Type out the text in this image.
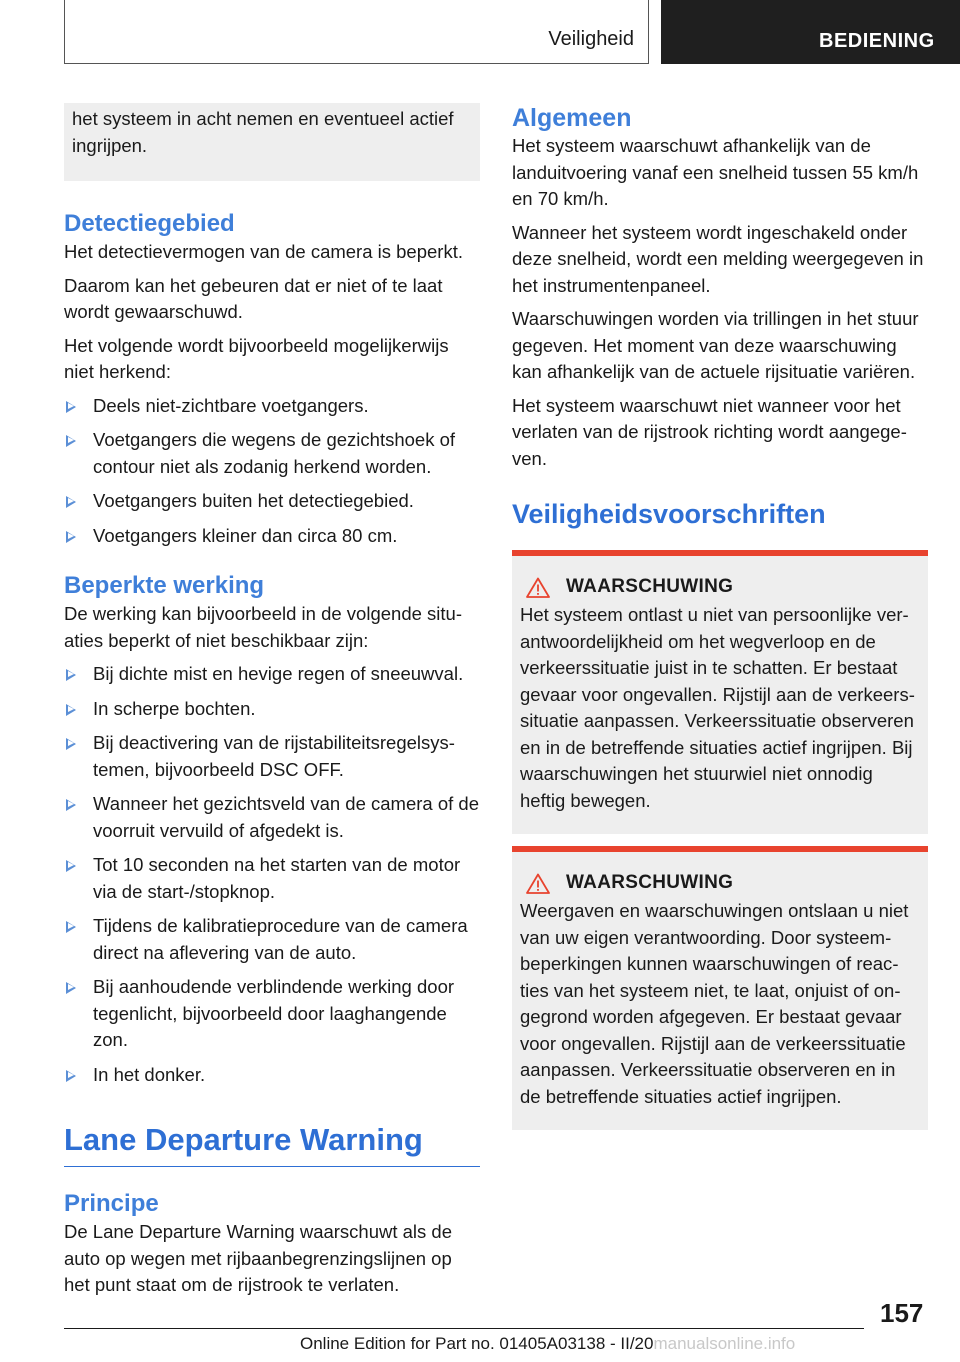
Veiligheid	BEDIENING
het systeem in acht nemen en eventueel actief ingrijpen.
Detectiegebied

Het detectievermogen van de camera is beperkt.

Daarom kan het gebeuren dat er niet of te laat wordt gewaarschuwd.

Het volgende wordt bijvoorbeeld mogelijkerwijs niet herkend:

Deels niet-zichtbare voetgangers.
Voetgangers die wegens de gezichtshoek of contour niet als zodanig herkend worden.
Voetgangers buiten het detectiegebied.
Voetgangers kleiner dan circa 80 cm.
Beperkte werking

De werking kan bijvoorbeeld in de volgende situaties beperkt of niet beschikbaar zijn:

Bij dichte mist en hevige regen of sneeuwval.
In scherpe bochten.
Bij deactivering van de rijstabiliteitsregelsystemen, bijvoorbeeld DSC OFF.
Wanneer het gezichtsveld van de camera of de voorruit vervuild of afgedekt is.
Tot 10 seconden na het starten van de motor via de start-/stopknop.
Tijdens de kalibratieprocedure van de camera direct na aflevering van de auto.
Bij aanhoudende verblindende werking door tegenlicht, bijvoorbeeld door laaghangende zon.
In het donker.
Lane Departure Warning
Principe

De Lane Departure Warning waarschuwt als de auto op wegen met rijbaanbegrenzingslijnen op het punt staat om de rijstrook te verlaten.

Algemeen

Het systeem waarschuwt afhankelijk van de landuitvoering vanaf een snelheid tussen 55 km/h en 70 km/h.

Wanneer het systeem wordt ingeschakeld onder deze snelheid, wordt een melding weergegeven in het instrumentenpaneel.

Waarschuwingen worden via trillingen in het stuur gegeven. Het moment van deze waarschuwing kan afhankelijk van de actuele rijsituatie variëren.

Het systeem waarschuwt niet wanneer voor het verlaten van de rijstrook richting wordt aangegeven.

Veiligheidsvoorschriften
WAARSCHUWING

Het systeem ontlast u niet van persoonlijke verantwoordelijkheid om het wegverloop en de verkeerssituatie juist in te schatten. Er bestaat gevaar voor ongevallen. Rijstijl aan de verkeerssituatie aanpassen. Verkeerssituatie observeren en in de betreffende situaties actief ingrijpen. Bij waarschuwingen het stuurwiel niet onnodig heftig bewegen.

WAARSCHUWING

Weergaven en waarschuwingen ontslaan u niet van uw eigen verantwoording. Door systeembeperkingen kunnen waarschuwingen of reacties van het systeem niet, te laat, onjuist of ongegrond worden afgegeven. Er bestaat gevaar voor ongevallen. Rijstijl aan de verkeerssituatie aanpassen. Verkeerssituatie observeren en in de betreffende situaties actief ingrijpen.

157
Online Edition for Part no. 01405A03138 - II/20manualsonline.info
